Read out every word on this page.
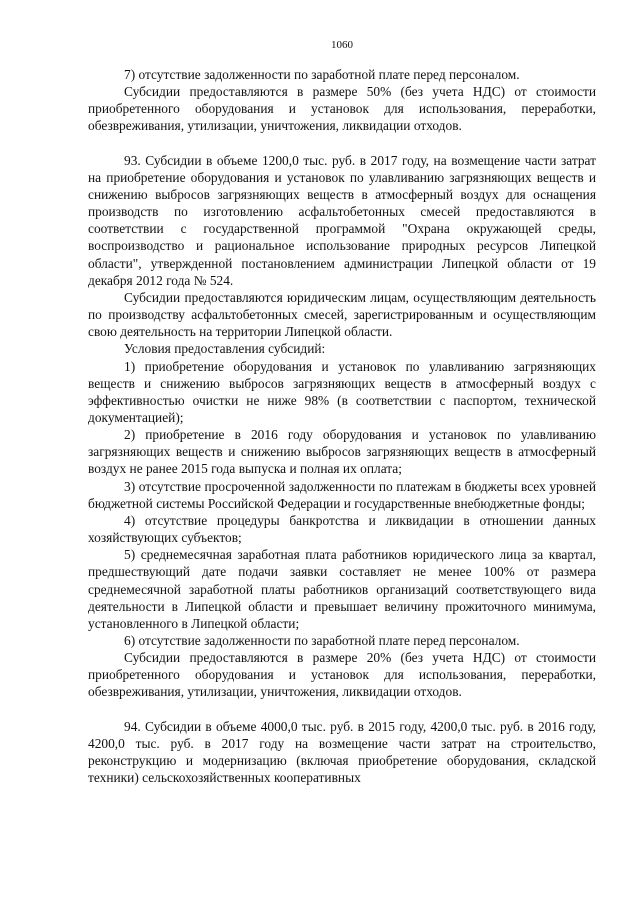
1060

7) отсутствие задолженности по заработной плате перед персоналом.

Субсидии предоставляются в размере 50% (без учета НДС) от стоимости приобретенного оборудования и установок для использования, переработки, обезвреживания, утилизации, уничтожения, ликвидации отходов.

93. Субсидии в объеме 1200,0 тыс. руб. в 2017 году, на возмещение части затрат на приобретение оборудования и установок по улавливанию загрязняющих веществ и снижению выбросов загрязняющих веществ в атмосферный воздух для оснащения производств по изготовлению асфальтобетонных смесей предоставляются в соответствии с государственной программой "Охрана окружающей среды, воспроизводство и рациональное использование природных ресурсов Липецкой области", утвержденной постановлением администрации Липецкой области от 19 декабря 2012 года № 524.

Субсидии предоставляются юридическим лицам, осуществляющим деятельность по производству асфальтобетонных смесей, зарегистрированным и осуществляющим свою деятельность на территории Липецкой области.

Условия предоставления субсидий:

1) приобретение оборудования и установок по улавливанию загрязняющих веществ и снижению выбросов загрязняющих веществ в атмосферный воздух с эффективностью очистки не ниже 98% (в соответствии с паспортом, технической документацией);

2) приобретение в 2016 году оборудования и установок по улавливанию загрязняющих веществ и снижению выбросов загрязняющих веществ в атмосферный воздух не ранее 2015 года выпуска и полная их оплата;

3) отсутствие просроченной задолженности по платежам в бюджеты всех уровней бюджетной системы Российской Федерации и государственные внебюджетные фонды;

4) отсутствие процедуры банкротства и ликвидации в отношении данных хозяйствующих субъектов;

5) среднемесячная заработная плата работников юридического лица за квартал, предшествующий дате подачи заявки составляет не менее 100% от размера среднемесячной заработной платы работников организаций соответствующего вида деятельности в Липецкой области и превышает величину прожиточного минимума, установленного в Липецкой области;

6) отсутствие задолженности по заработной плате перед персоналом.

Субсидии предоставляются в размере 20% (без учета НДС) от стоимости приобретенного оборудования и установок для использования, переработки, обезвреживания, утилизации, уничтожения, ликвидации отходов.

94. Субсидии в объеме 4000,0 тыс. руб. в 2015 году, 4200,0 тыс. руб. в 2016 году, 4200,0 тыс. руб. в 2017 году на возмещение части затрат на строительство, реконструкцию и модернизацию (включая приобретение оборудования, складской техники) сельскохозяйственных кооперативных
